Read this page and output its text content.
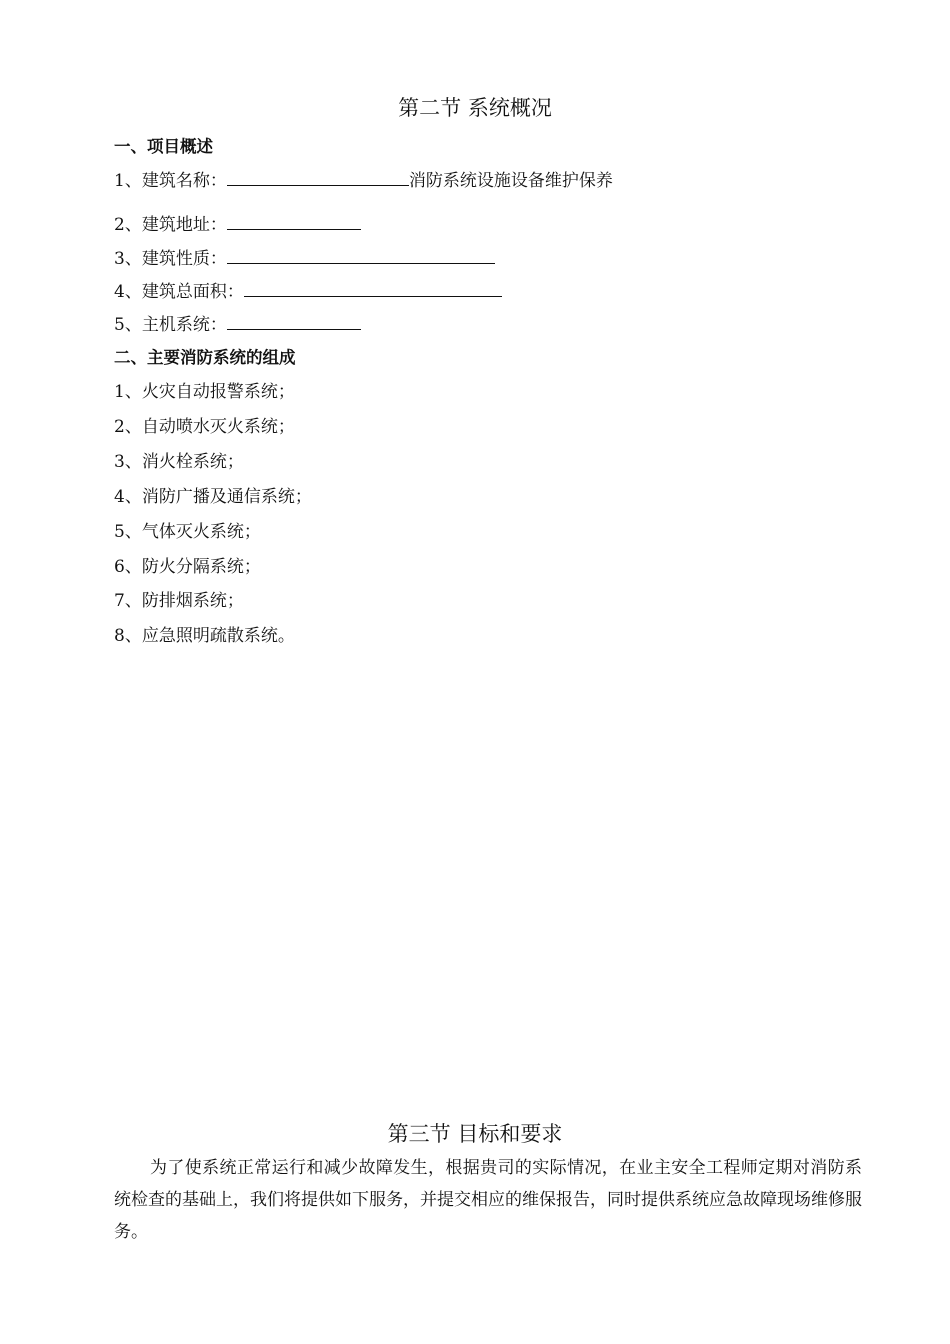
第二节 系统概况
一、项目概述
1、建筑名称：	消防系统设施设备维护保养
2、建筑地址：
3、建筑性质：
4、建筑总面积：
5、主机系统：
二、主要消防系统的组成
1、火灾自动报警系统；
2、自动喷水灭火系统；
3、消火栓系统；
4、消防广播及通信系统；
5、气体灭火系统；
6、防火分隔系统；
7、防排烟系统；
8、应急照明疏散系统。
第三节 目标和要求
为了使系统正常运行和减少故障发生，根据贵司的实际情况，在业主安全工程师定期对消防系统检查的基础上，我们将提供如下服务，并提交相应的维保报告，同时提供系统应急故障现场维修服务。
